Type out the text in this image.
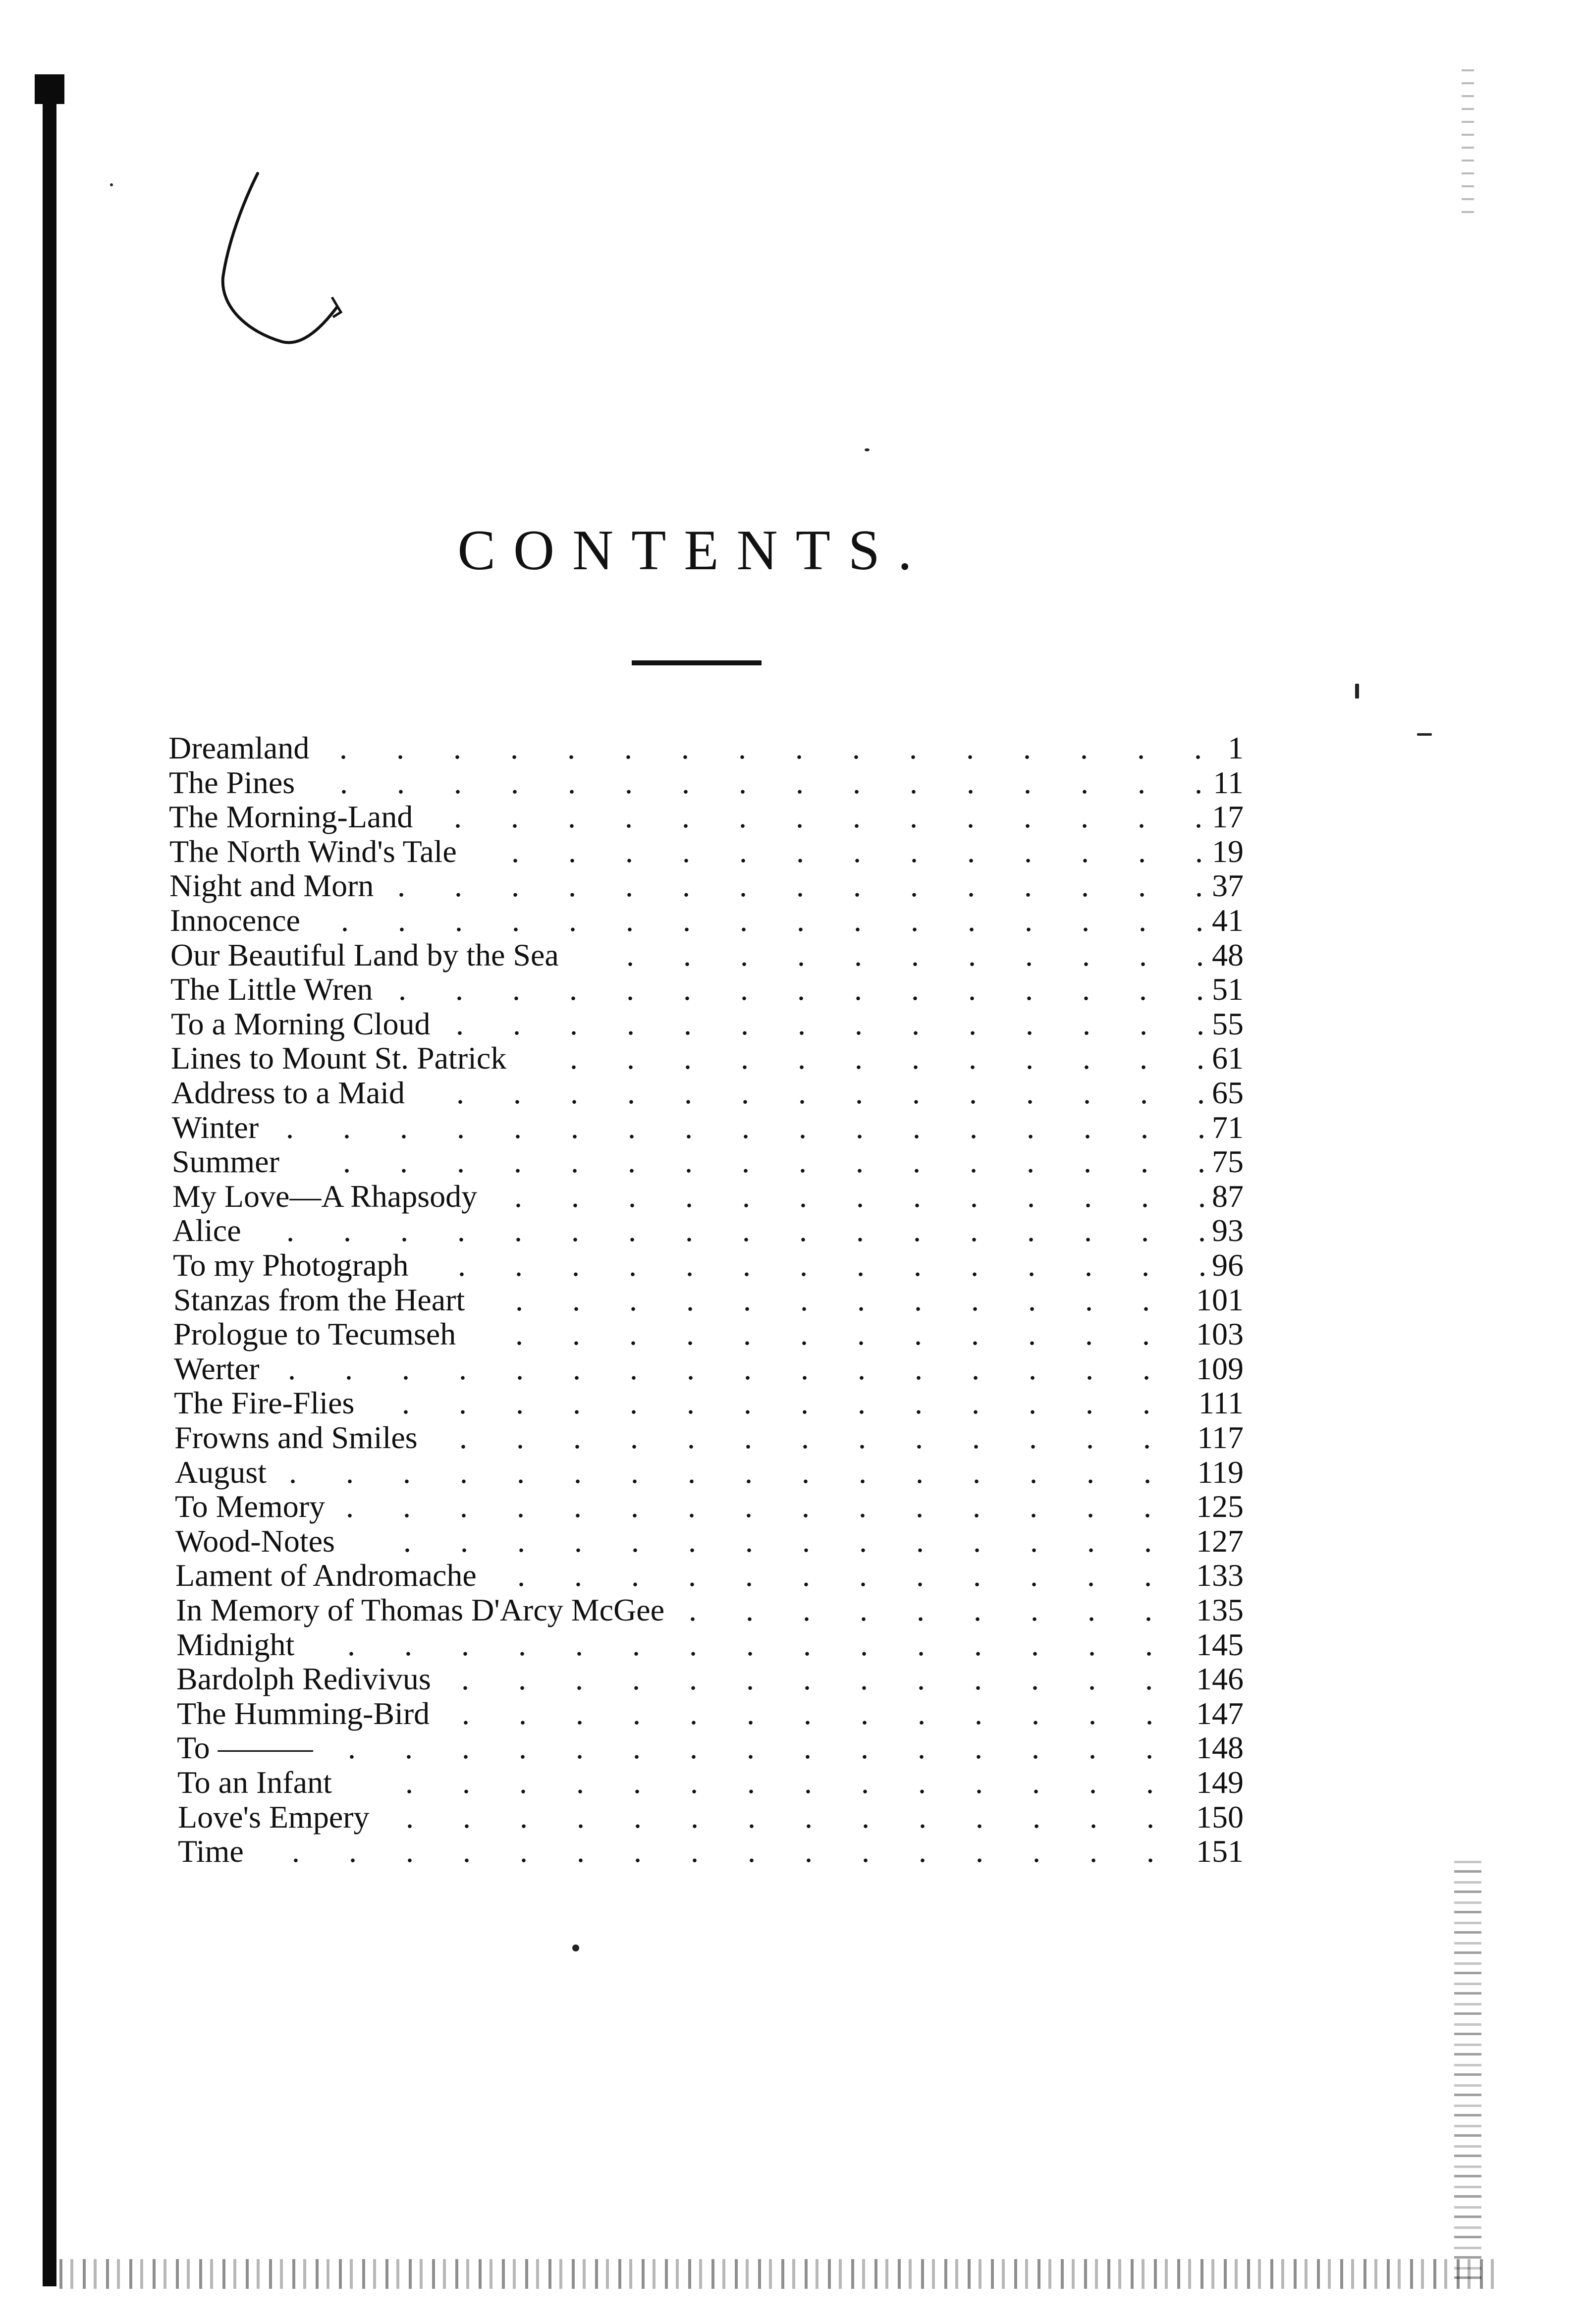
CONTENTS.
Dreamland . . . . . . . . . . . . . . . . 1
The Pines . . . . . . . . . . . . . . . . 11
The Morning-Land . . . . . . . . . . . . . . 17
The North Wind's Tale . . . . . . . . . . . . . 19
Night and Morn . . . . . . . . . . . . . . . 37
Innocence . . . . . . . . . . . . . . . . 41
Our Beautiful Land by the Sea . . . . . . . . . . . 48
The Little Wren . . . . . . . . . . . . . . . 51
To a Morning Cloud . . . . . . . . . . . . . . 55
Lines to Mount St. Patrick . . . . . . . . . . . . 61
Address to a Maid . . . . . . . . . . . . . . 65
Winter . . . . . . . . . . . . . . . . . 71
Summer . . . . . . . . . . . . . . . . 75
My Love—A Rhapsody . . . . . . . . . . . . . 87
Alice . . . . . . . . . . . . . . . . . 93
To my Photograph . . . . . . . . . . . . . . 96
Stanzas from the Heart . . . . . . . . . . . . 101
Prologue to Tecumseh . . . . . . . . . . . . 103
Werter . . . . . . . . . . . . . . . . 109
The Fire-Flies . . . . . . . . . . . . . . 111
Frowns and Smiles . . . . . . . . . . . . . 117
August . . . . . . . . . . . . . . . . 119
To Memory . . . . . . . . . . . . . . . 125
Wood-Notes . . . . . . . . . . . . . . 127
Lament of Andromache . . . . . . . . . . . . 133
In Memory of Thomas D'Arcy McGee . . . . . . . . . 135
Midnight . . . . . . . . . . . . . . . 145
Bardolph Redivivus . . . . . . . . . . . . . 146
The Humming-Bird . . . . . . . . . . . . . 147
To ——— . . . . . . . . . . . . . . . 148
To an Infant . . . . . . . . . . . . . . 149
Love's Empery . . . . . . . . . . . . . . 150
Time . . . . . . . . . . . . . . . . 151
